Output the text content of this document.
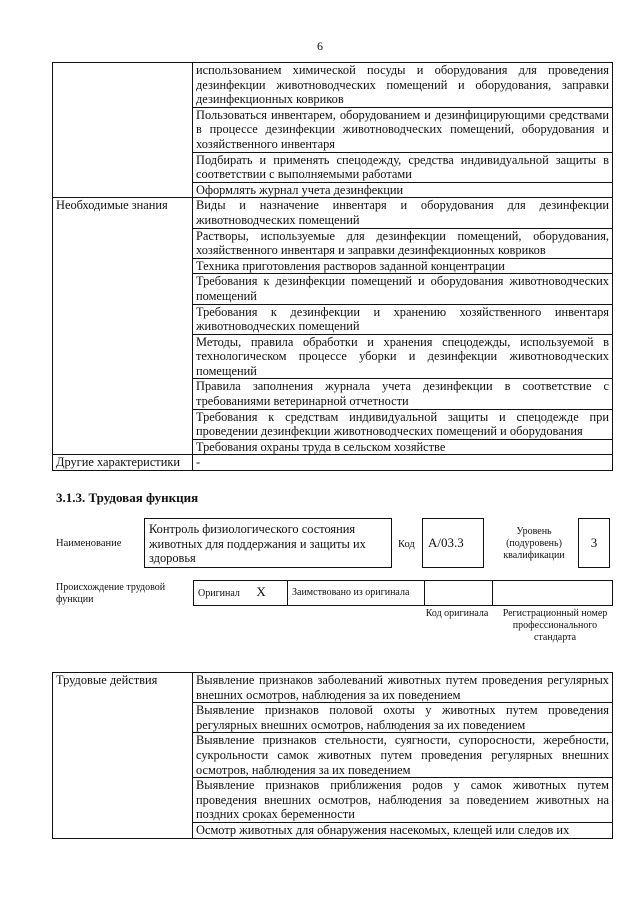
6
	использованием химической посуды и оборудования для проведения дезинфекции животноводческих помещений и оборудования, заправки дезинфекционных ковриков
	Пользоваться инвентарем, оборудованием и дезинфицирующими средствами в процессе дезинфекции животноводческих помещений, оборудования и хозяйственного инвентаря
	Подбирать и применять спецодежду, средства индивидуальной защиты в соответствии с выполняемыми работами
	Оформлять журнал учета дезинфекции
Необходимые знания	Виды и назначение инвентаря и оборудования для дезинфекции животноводческих помещений
	Растворы, используемые для дезинфекции помещений, оборудования, хозяйственного инвентаря и заправки дезинфекционных ковриков
	Техника приготовления растворов заданной концентрации
	Требования к дезинфекции помещений и оборудования животноводческих помещений
	Требования к дезинфекции и хранению хозяйственного инвентаря животноводческих помещений
	Методы, правила обработки и хранения спецодежды, используемой в технологическом процессе уборки и дезинфекции животноводческих помещений
	Правила заполнения журнала учета дезинфекции в соответствие с требованиями ветеринарной отчетности
	Требования к средствам индивидуальной защиты и спецодежде при проведении дезинфекции животноводческих помещений и оборудования
	Требования охраны труда в сельском хозяйстве
Другие характеристики	-
3.1.3. Трудовая функция
Наименование
Контроль физиологического состояния животных для поддержания и защиты их здоровья
Код	А/03.3
Уровень (подуровень) квалификации
3
Происхождение трудовой функции
Оригинал X	Заимствовано из оригинала		
Код оригинала Регистрационный номер профессионального стандарта
Трудовые действия	Выявление признаков заболеваний животных путем проведения регулярных внешних осмотров, наблюдения за их поведением
Выявление признаков половой охоты у животных путем проведения регулярных внешних осмотров, наблюдения за их поведением
Выявление признаков стельности, суягности, супоросности, жеребности, сукрольности самок животных путем проведения регулярных внешних осмотров, наблюдения за их поведением
Выявление признаков приближения родов у самок животных путем проведения внешних осмотров, наблюдения за поведением животных на поздних сроках беременности
Осмотр животных для обнаружения насекомых, клещей или следов их
